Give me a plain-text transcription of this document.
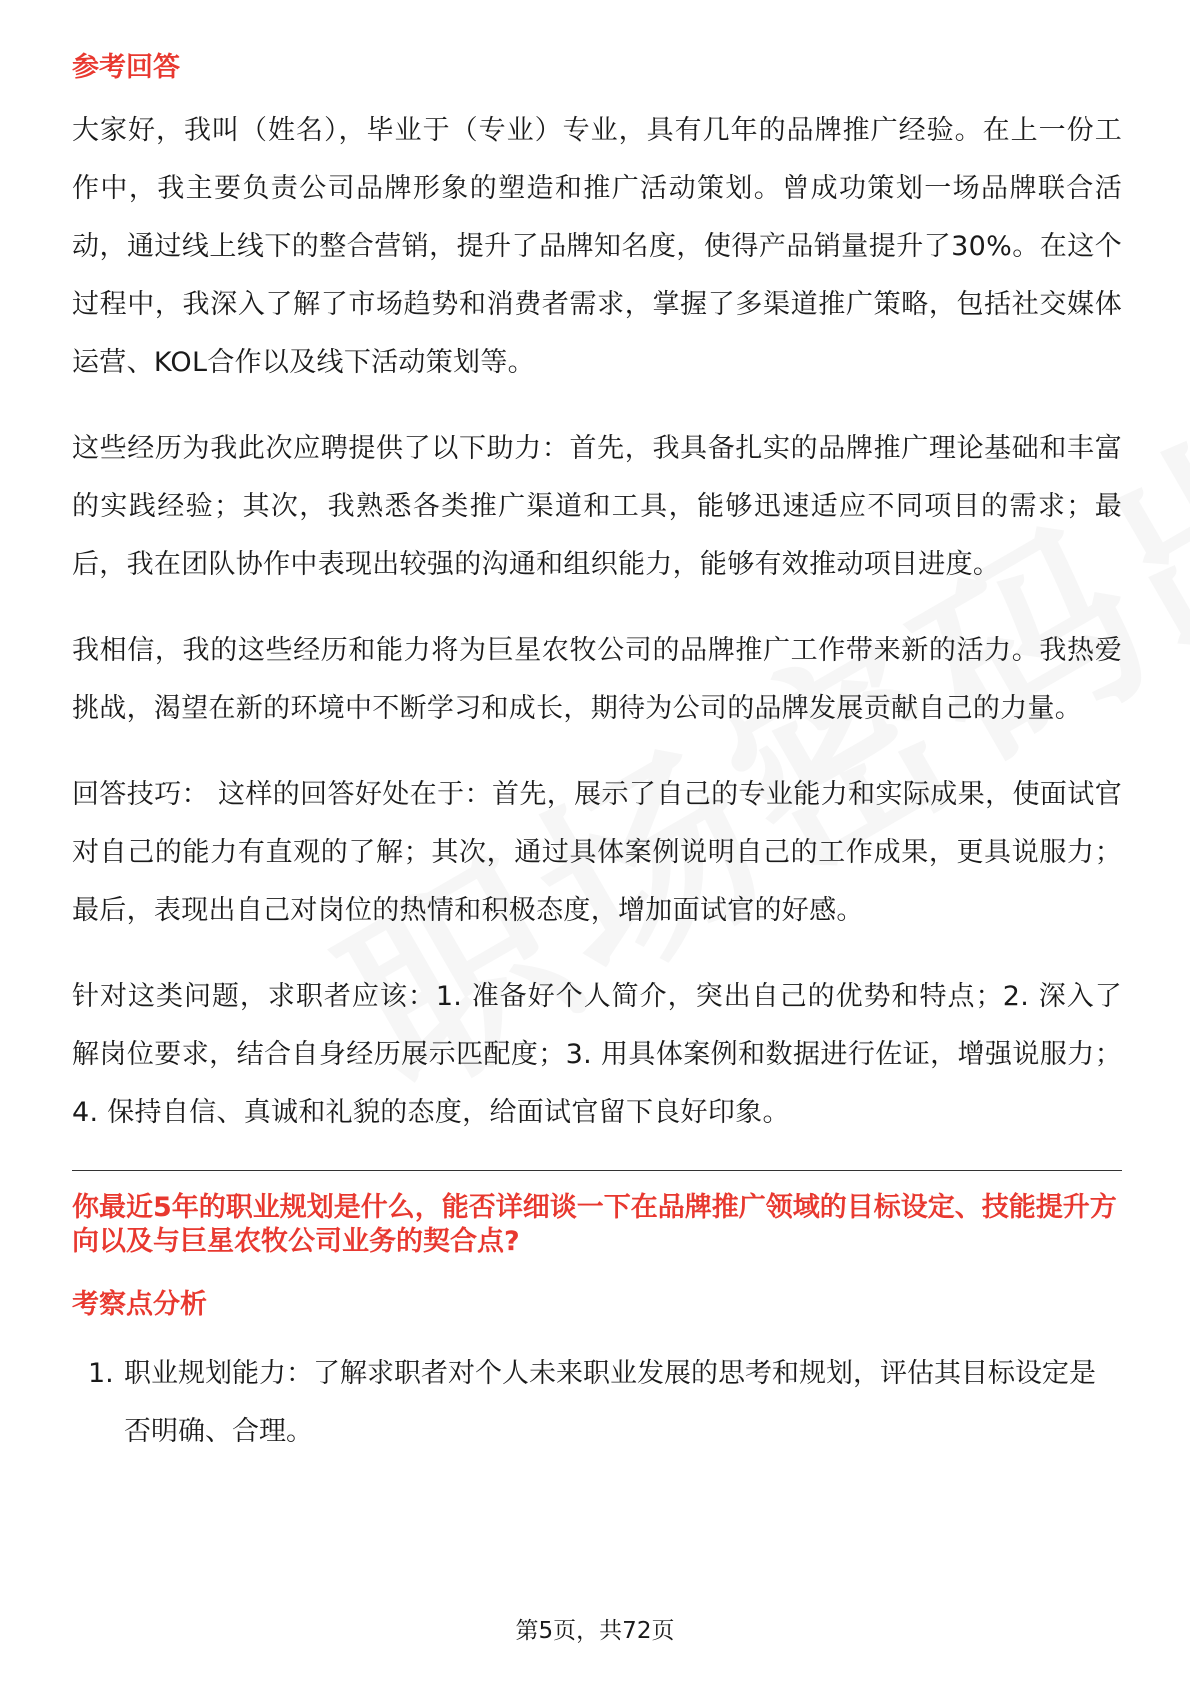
参考回答

大家好，我叫（姓名），毕业于（专业）专业，具有几年的品牌推广经验。在上一份工作中，我主要负责公司品牌形象的塑造和推广活动策划。曾成功策划一场品牌联合活动，通过线上线下的整合营销，提升了品牌知名度，使得产品销量提升了30%。在这个过程中，我深入了解了市场趋势和消费者需求，掌握了多渠道推广策略，包括社交媒体运营、KOL合作以及线下活动策划等。

这些经历为我此次应聘提供了以下助力：首先，我具备扎实的品牌推广理论基础和丰富的实践经验；其次，我熟悉各类推广渠道和工具，能够迅速适应不同项目的需求；最后，我在团队协作中表现出较强的沟通和组织能力，能够有效推动项目进度。

我相信，我的这些经历和能力将为巨星农牧公司的品牌推广工作带来新的活力。我热爱挑战，渴望在新的环境中不断学习和成长，期待为公司的品牌发展贡献自己的力量。

回答技巧： 这样的回答好处在于：首先，展示了自己的专业能力和实际成果，使面试官对自己的能力有直观的了解；其次，通过具体案例说明自己的工作成果，更具说服力；最后，表现出自己对岗位的热情和积极态度，增加面试官的好感。

针对这类问题，求职者应该：1. 准备好个人简介，突出自己的优势和特点；2. 深入了解岗位要求，结合自身经历展示匹配度；3. 用具体案例和数据进行佐证，增强说服力；4. 保持自信、真诚和礼貌的态度，给面试官留下良好印象。

你最近5年的职业规划是什么，能否详细谈一下在品牌推广领域的目标设定、技能提升方向以及与巨星农牧公司业务的契合点?
考察点分析
1. 职业规划能力：了解求职者对个人未来职业发展的思考和规划，评估其目标设定是否明确、合理。
第5页，共72页
